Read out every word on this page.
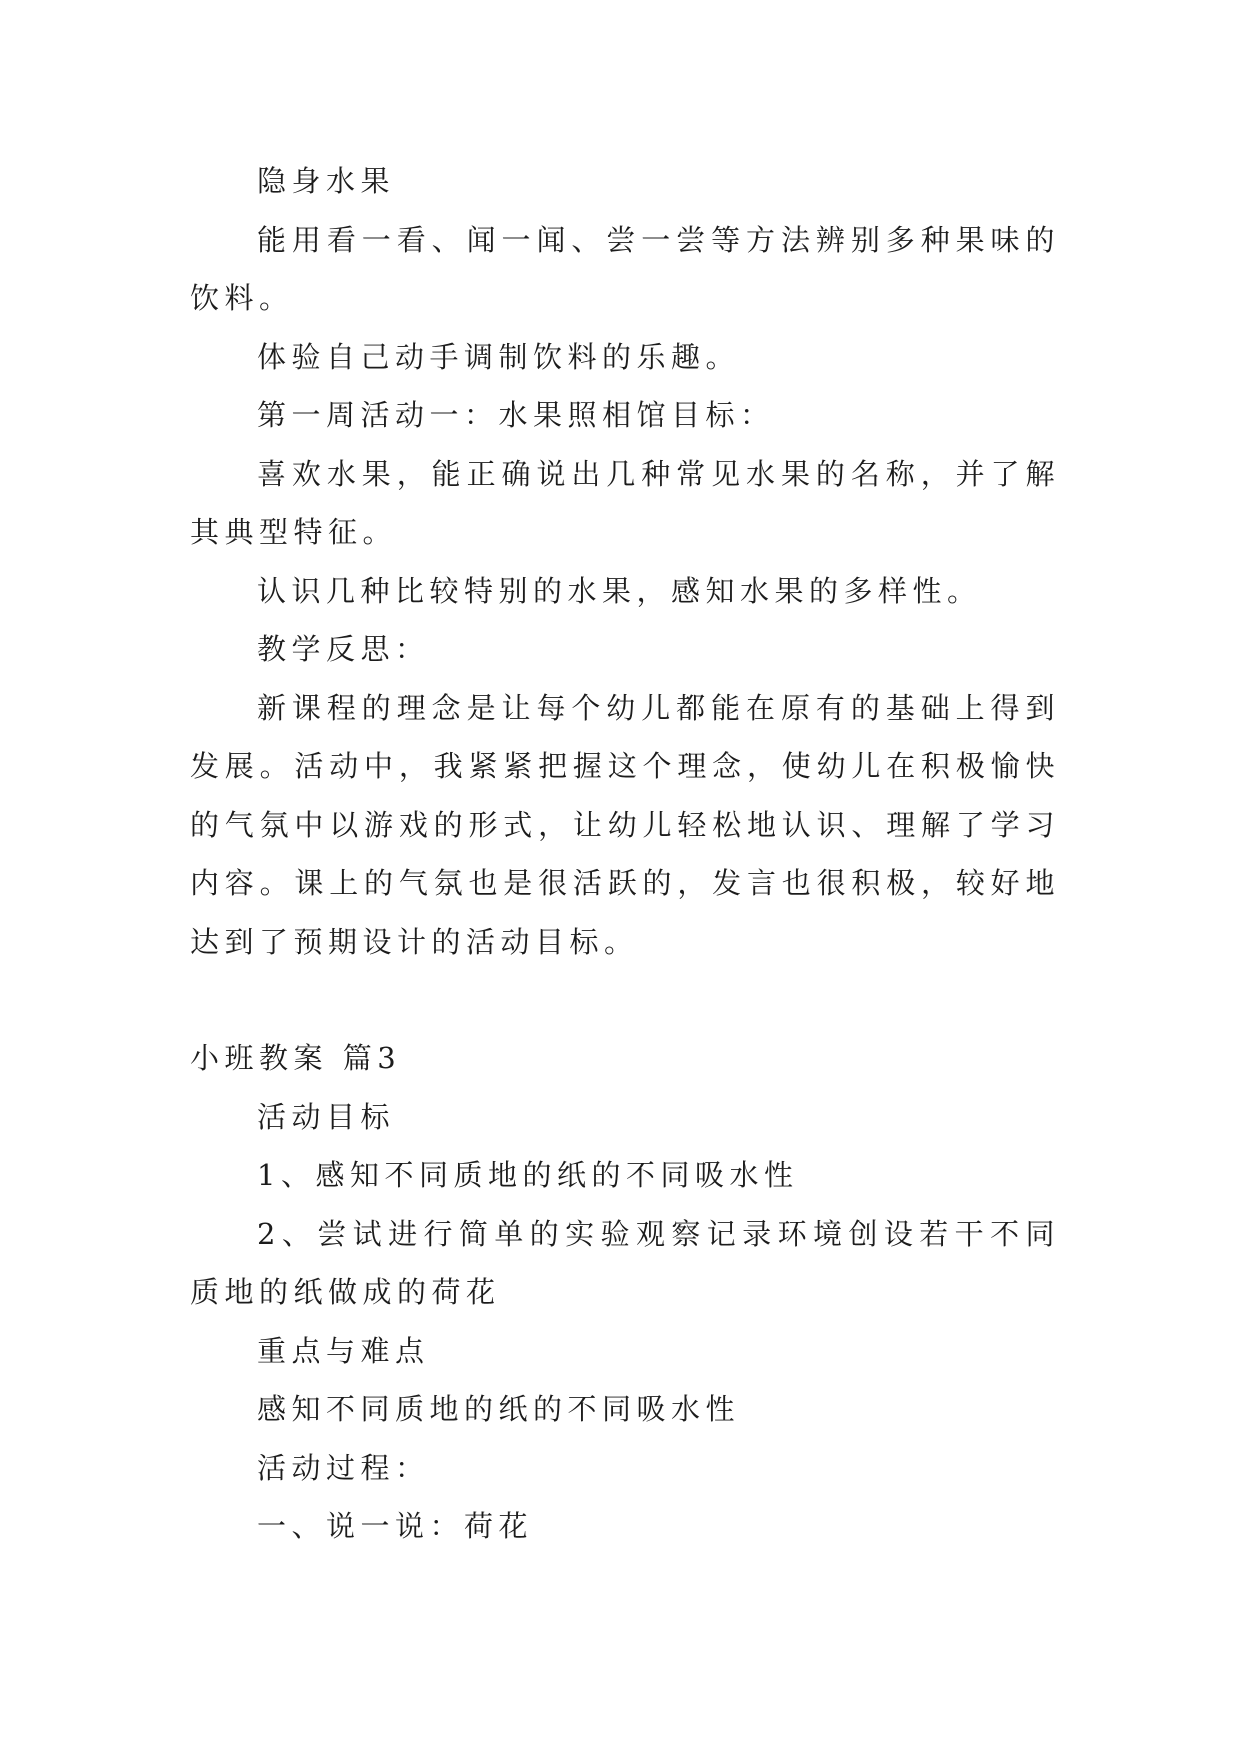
隐身水果

能用看一看、闻一闻、尝一尝等方法辨别多种果味的饮料。

体验自己动手调制饮料的乐趣。

第一周活动一：水果照相馆目标：

喜欢水果，能正确说出几种常见水果的名称，并了解其典型特征。

认识几种比较特别的水果，感知水果的多样性。

教学反思：

新课程的理念是让每个幼儿都能在原有的基础上得到发展。活动中，我紧紧把握这个理念，使幼儿在积极愉快的气氛中以游戏的形式，让幼儿轻松地认识、理解了学习内容。课上的气氛也是很活跃的，发言也很积极，较好地达到了预期设计的活动目标。

小班教案 篇3

活动目标

1、感知不同质地的纸的不同吸水性

2、尝试进行简单的实验观察记录环境创设若干不同质地的纸做成的荷花

重点与难点

感知不同质地的纸的不同吸水性

活动过程：

一、说一说：荷花
